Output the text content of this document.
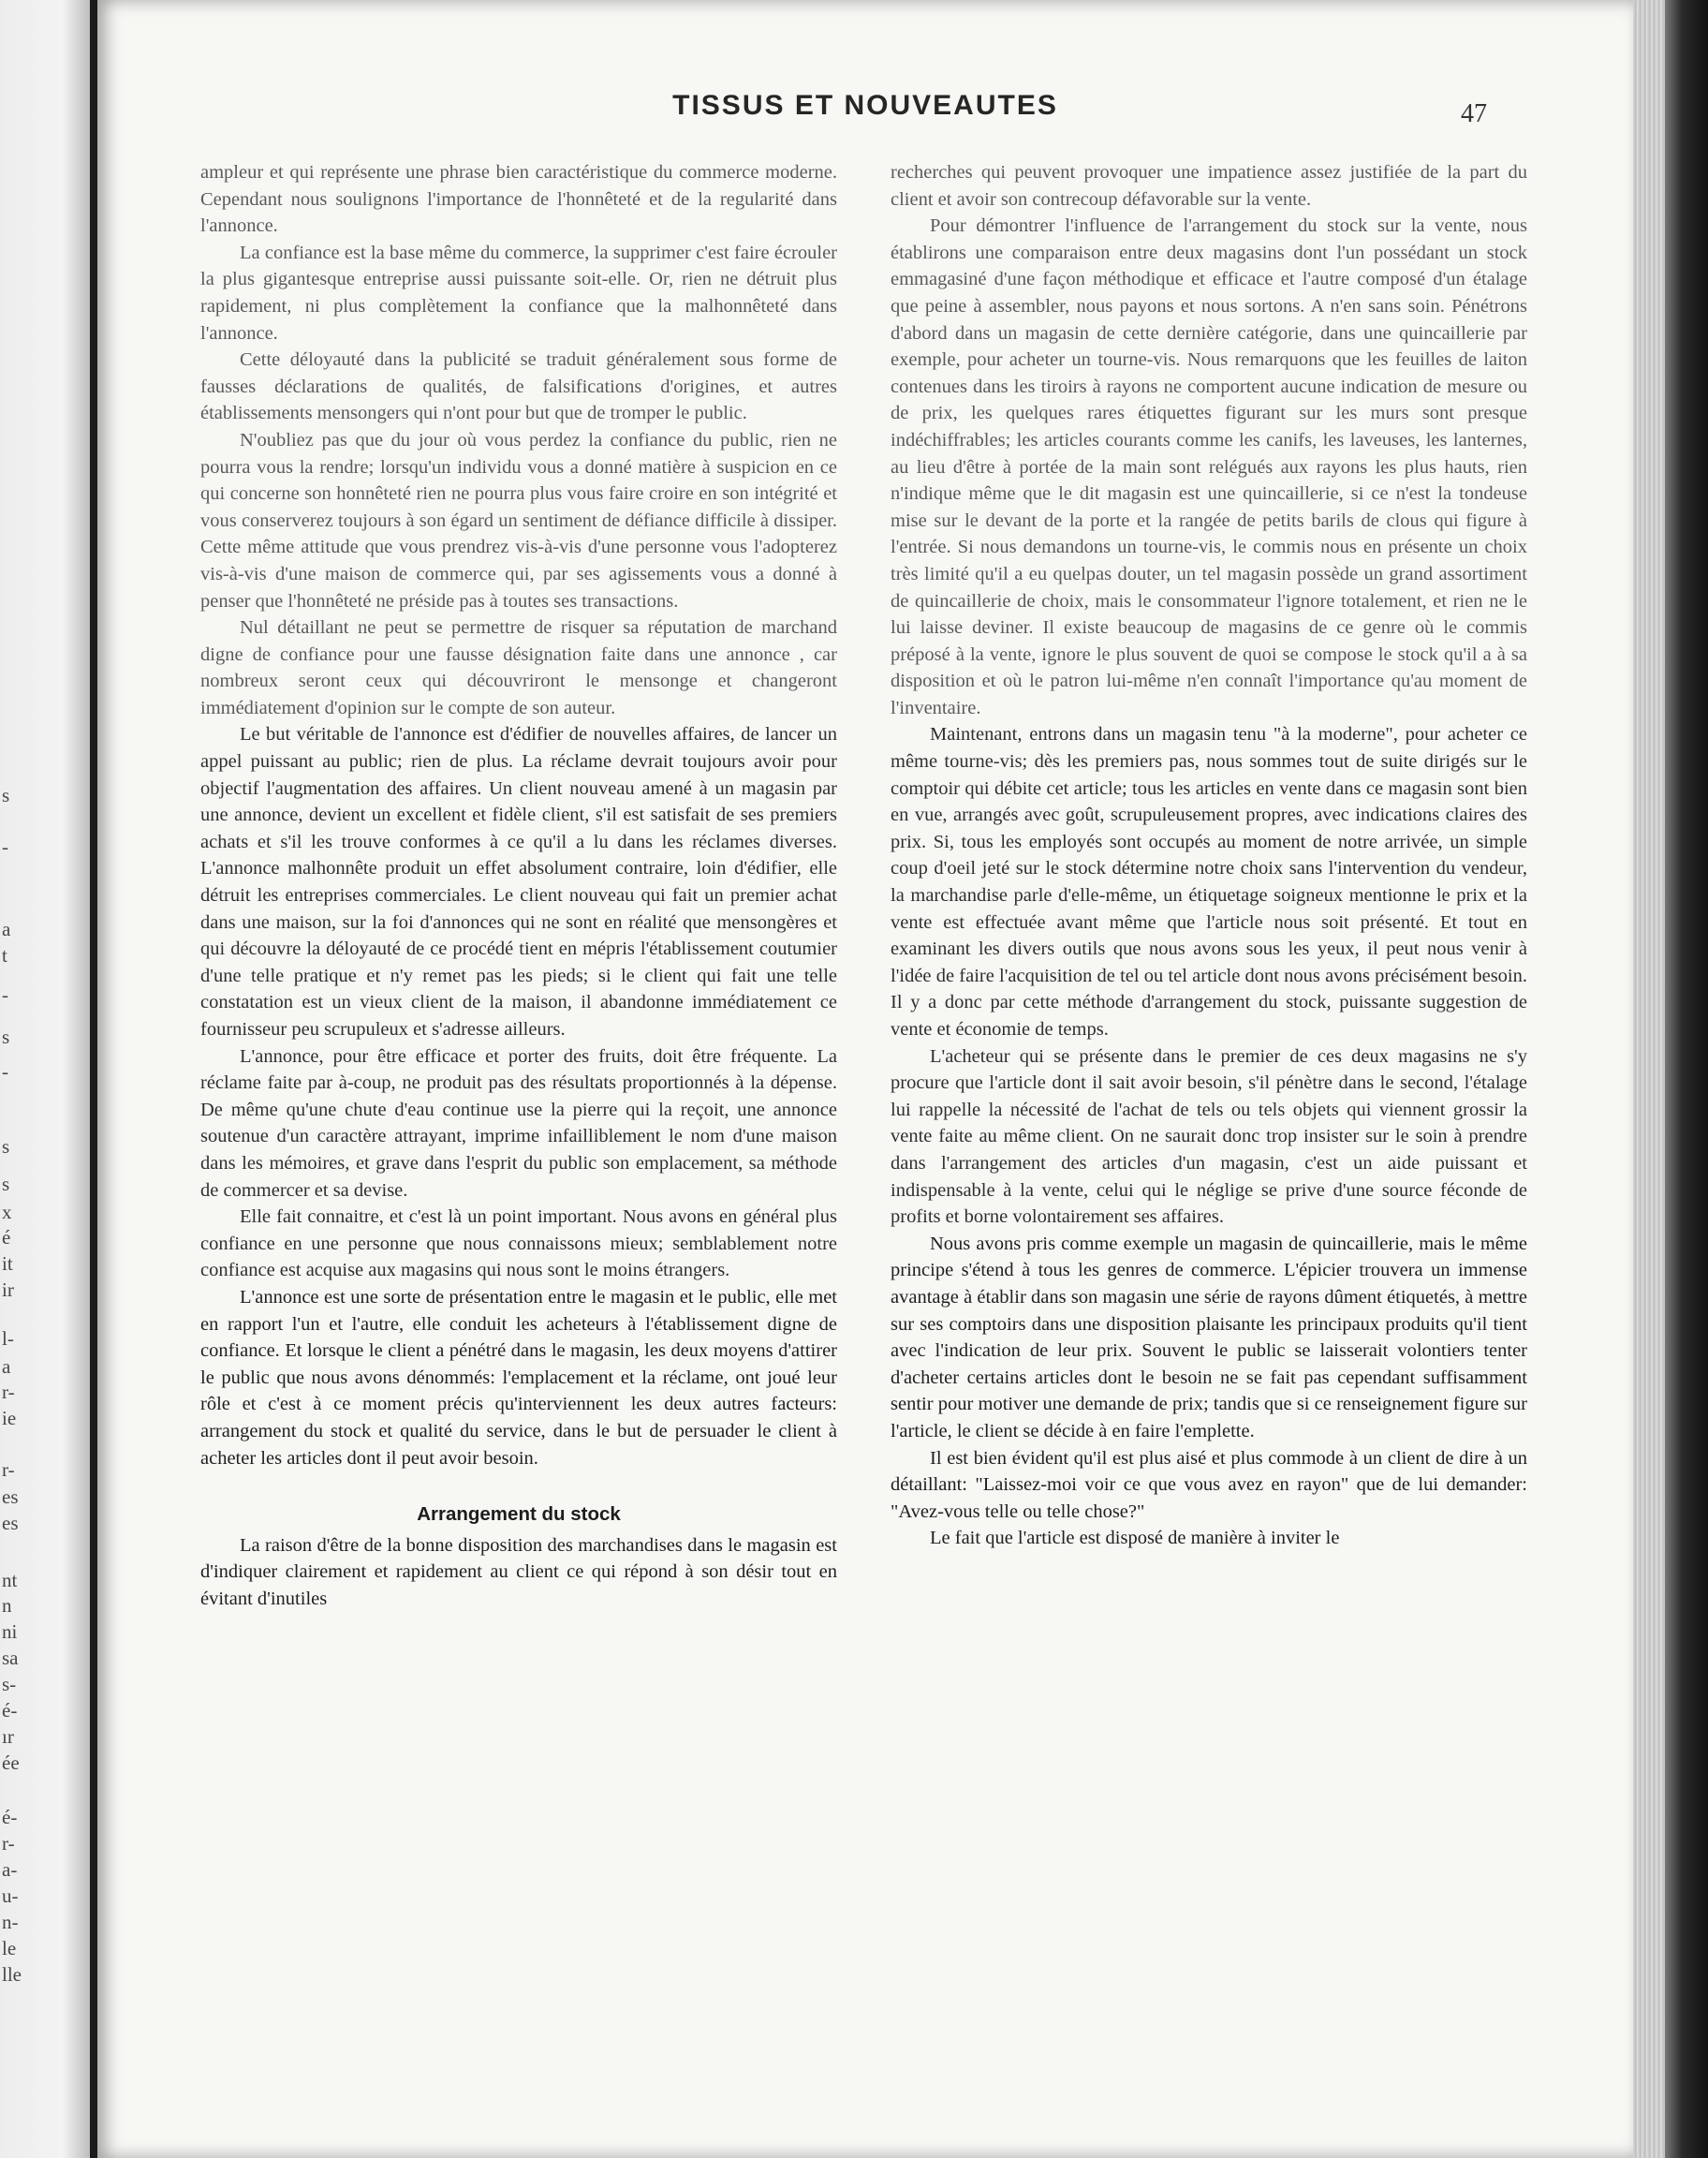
s
-
a
t
-
s
-
s
s
x
é
it
ir
l-
a
r-
ie
r-
es
es
nt
n
ni
sa
s-
é-
ır
ée
é-
r-
a-
u-
n-
le
lle
TISSUS ET NOUVEAUTES	47

ampleur et qui représente une phrase bien caractéristique du commerce moderne. Cependant nous soulignons l'importance de l'honnêteté et de la regularité dans l'annonce.

La confiance est la base même du commerce, la supprimer c'est faire écrouler la plus gigantesque entreprise aussi puissante soit-elle. Or, rien ne détruit plus rapidement, ni plus complètement la confiance que la malhonnêteté dans l'annonce.

Cette déloyauté dans la publicité se traduit généralement sous forme de fausses déclarations de qualités, de falsifications d'origines, et autres établissements mensongers qui n'ont pour but que de tromper le public.

N'oubliez pas que du jour où vous perdez la confiance du public, rien ne pourra vous la rendre; lorsqu'un individu vous a donné matière à suspicion en ce qui concerne son honnêteté rien ne pourra plus vous faire croire en son intégrité et vous conserverez toujours à son égard un sentiment de défiance difficile à dissiper. Cette même attitude que vous prendrez vis-à-vis d'une personne vous l'adopterez vis-à-vis d'une maison de commerce qui, par ses agissements vous a donné à penser que l'honnêteté ne préside pas à toutes ses transactions.

Nul détaillant ne peut se permettre de risquer sa réputation de marchand digne de confiance pour une fausse désignation faite dans une annonce , car nombreux seront ceux qui découvriront le mensonge et changeront immédiatement d'opinion sur le compte de son auteur.

Le but véritable de l'annonce est d'édifier de nouvelles affaires, de lancer un appel puissant au public; rien de plus. La réclame devrait toujours avoir pour objectif l'augmentation des affaires. Un client nouveau amené à un magasin par une annonce, devient un excellent et fidèle client, s'il est satisfait de ses premiers achats et s'il les trouve conformes à ce qu'il a lu dans les réclames diverses. L'annonce malhonnête produit un effet absolument contraire, loin d'édifier, elle détruit les entreprises commerciales. Le client nouveau qui fait un premier achat dans une maison, sur la foi d'annonces qui ne sont en réalité que mensongères et qui découvre la déloyauté de ce procédé tient en mépris l'établissement coutumier d'une telle pratique et n'y remet pas les pieds; si le client qui fait une telle constatation est un vieux client de la maison, il abandonne immédiatement ce fournisseur peu scrupuleux et s'adresse ailleurs.

L'annonce, pour être efficace et porter des fruits, doit être fréquente. La réclame faite par à-coup, ne produit pas des résultats proportionnés à la dépense. De même qu'une chute d'eau continue use la pierre qui la reçoit, une annonce soutenue d'un caractère attrayant, imprime infailliblement le nom d'une maison dans les mémoires, et grave dans l'esprit du public son emplacement, sa méthode de commercer et sa devise.

Elle fait connaitre, et c'est là un point important. Nous avons en général plus confiance en une personne que nous connaissons mieux; semblablement notre confiance est acquise aux magasins qui nous sont le moins étrangers.

L'annonce est une sorte de présentation entre le magasin et le public, elle met en rapport l'un et l'autre, elle conduit les acheteurs à l'établissement digne de confiance. Et lorsque le client a pénétré dans le magasin, les deux moyens d'attirer le public que nous avons dénommés: l'emplacement et la réclame, ont joué leur rôle et c'est à ce moment précis qu'interviennent les deux autres facteurs: arrangement du stock et qualité du service, dans le but de persuader le client à acheter les articles dont il peut avoir besoin.

Arrangement du stock

La raison d'être de la bonne disposition des marchandises dans le magasin est d'indiquer clairement et rapidement au client ce qui répond à son désir tout en évitant d'inutiles

recherches qui peuvent provoquer une impatience assez justifiée de la part du client et avoir son contrecoup défavorable sur la vente.

Pour démontrer l'influence de l'arrangement du stock sur la vente, nous établirons une comparaison entre deux magasins dont l'un possédant un stock emmagasiné d'une façon méthodique et efficace et l'autre composé d'un étalage que peine à assembler, nous payons et nous sortons. A n'en sans soin. Pénétrons d'abord dans un magasin de cette dernière catégorie, dans une quincaillerie par exemple, pour acheter un tourne-vis. Nous remarquons que les feuilles de laiton contenues dans les tiroirs à rayons ne comportent aucune indication de mesure ou de prix, les quelques rares étiquettes figurant sur les murs sont presque indéchiffrables; les articles courants comme les canifs, les laveuses, les lanternes, au lieu d'être à portée de la main sont relégués aux rayons les plus hauts, rien n'indique même que le dit magasin est une quincaillerie, si ce n'est la tondeuse mise sur le devant de la porte et la rangée de petits barils de clous qui figure à l'entrée. Si nous demandons un tourne-vis, le commis nous en présente un choix très limité qu'il a eu quelpas douter, un tel magasin possède un grand assortiment de quincaillerie de choix, mais le consommateur l'ignore totalement, et rien ne le lui laisse deviner. Il existe beaucoup de magasins de ce genre où le commis préposé à la vente, ignore le plus souvent de quoi se compose le stock qu'il a à sa disposition et où le patron lui-même n'en connaît l'importance qu'au moment de l'inventaire.

Maintenant, entrons dans un magasin tenu "à la moderne", pour acheter ce même tourne-vis; dès les premiers pas, nous sommes tout de suite dirigés sur le comptoir qui débite cet article; tous les articles en vente dans ce magasin sont bien en vue, arrangés avec goût, scrupuleusement propres, avec indications claires des prix. Si, tous les employés sont occupés au moment de notre arrivée, un simple coup d'oeil jeté sur le stock détermine notre choix sans l'intervention du vendeur, la marchandise parle d'elle-même, un étiquetage soigneux mentionne le prix et la vente est effectuée avant même que l'article nous soit présenté. Et tout en examinant les divers outils que nous avons sous les yeux, il peut nous venir à l'idée de faire l'acquisition de tel ou tel article dont nous avons précisément besoin. Il y a donc par cette méthode d'arrangement du stock, puissante suggestion de vente et économie de temps.

L'acheteur qui se présente dans le premier de ces deux magasins ne s'y procure que l'article dont il sait avoir besoin, s'il pénètre dans le second, l'étalage lui rappelle la nécessité de l'achat de tels ou tels objets qui viennent grossir la vente faite au même client. On ne saurait donc trop insister sur le soin à prendre dans l'arrangement des articles d'un magasin, c'est un aide puissant et indispensable à la vente, celui qui le néglige se prive d'une source féconde de profits et borne volontairement ses affaires.

Nous avons pris comme exemple un magasin de quincaillerie, mais le même principe s'étend à tous les genres de commerce. L'épicier trouvera un immense avantage à établir dans son magasin une série de rayons dûment étiquetés, à mettre sur ses comptoirs dans une disposition plaisante les principaux produits qu'il tient avec l'indication de leur prix. Souvent le public se laisserait volontiers tenter d'acheter certains articles dont le besoin ne se fait pas cependant suffisamment sentir pour motiver une demande de prix; tandis que si ce renseignement figure sur l'article, le client se décide à en faire l'emplette.

Il est bien évident qu'il est plus aisé et plus commode à un client de dire à un détaillant: "Laissez-moi voir ce que vous avez en rayon" que de lui demander: "Avez-vous telle ou telle chose?"

Le fait que l'article est disposé de manière à inviter le
